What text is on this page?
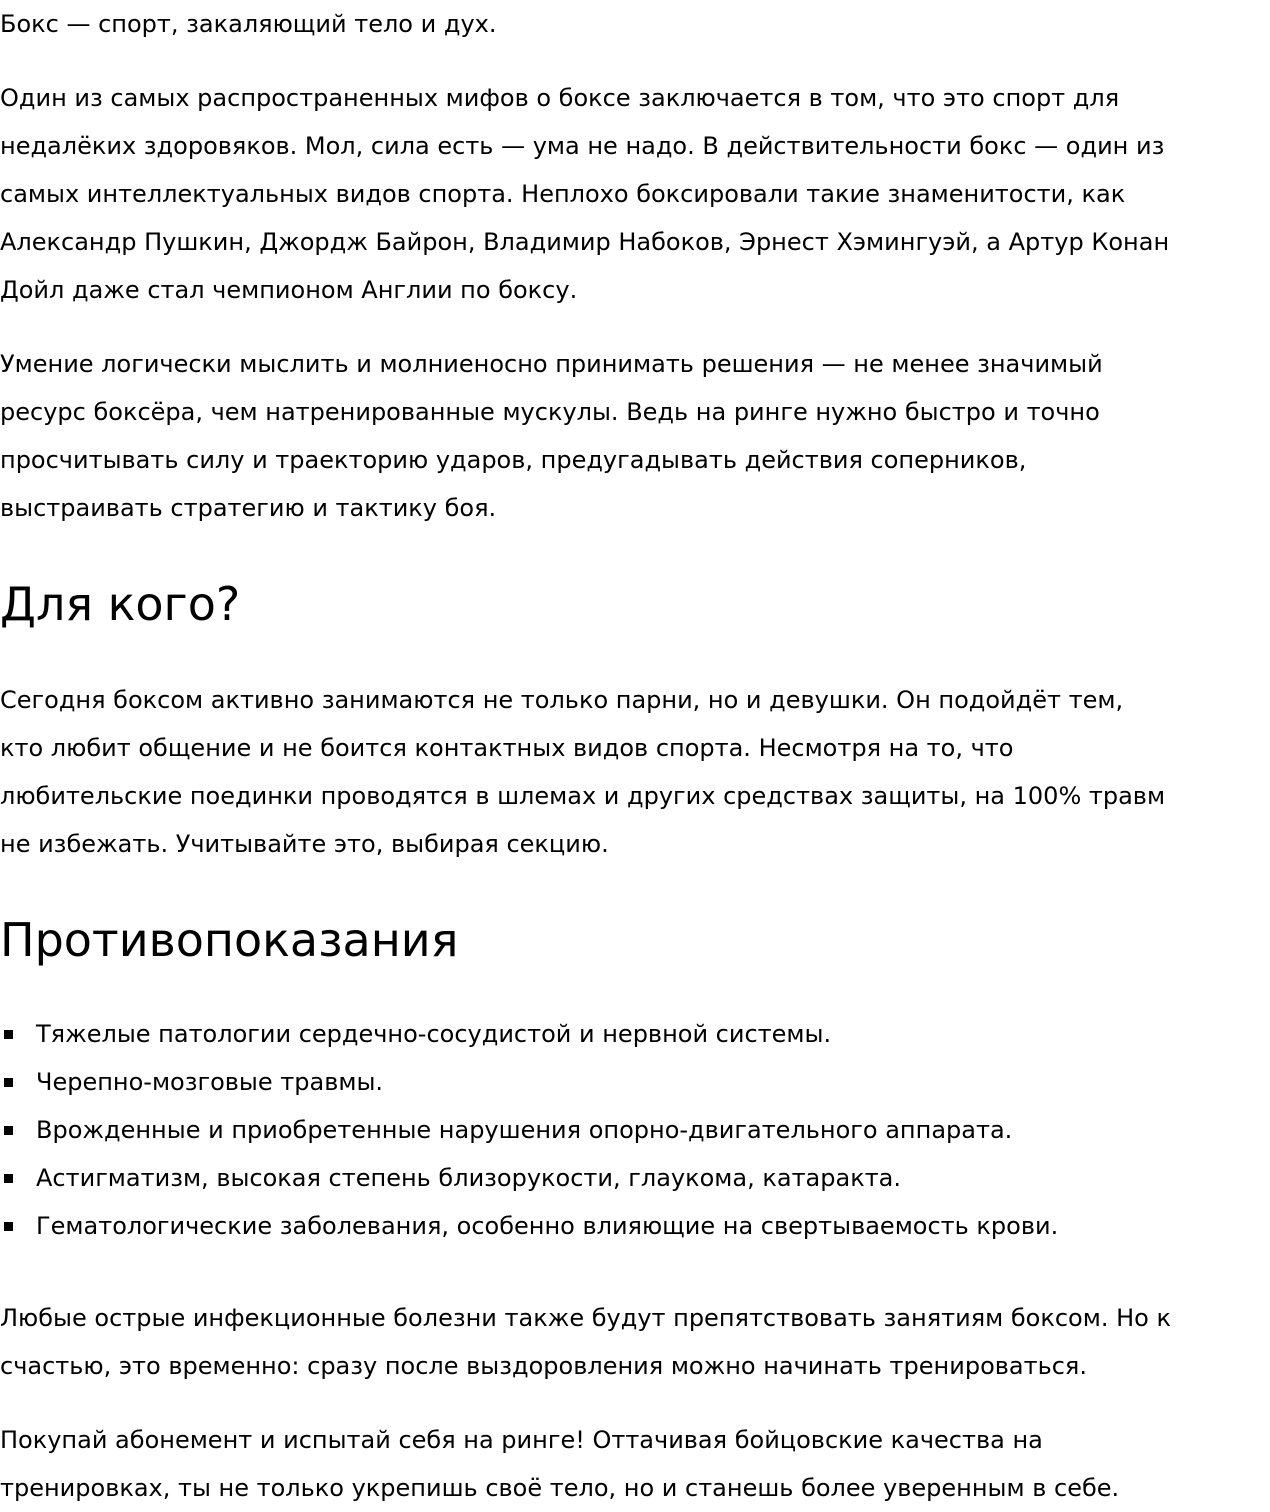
Бокс — спорт, закаляющий тело и дух.

Один из самых распространенных мифов о боксе заключается в том, что это спорт для
недалёких здоровяков. Мол, сила есть — ума не надо. В действительности бокс — один из
самых интеллектуальных видов спорта. Неплохо боксировали такие знаменитости, как
Александр Пушкин, Джордж Байрон, Владимир Набоков, Эрнест Хэмингуэй, а Артур Конан
Дойл даже стал чемпионом Англии по боксу.

Умение логически мыслить и молниеносно принимать решения — не менее значимый
ресурс боксёра, чем натренированные мускулы. Ведь на ринге нужно быстро и точно
просчитывать силу и траекторию ударов, предугадывать действия соперников,
выстраивать стратегию и тактику боя.

Для кого?

Сегодня боксом активно занимаются не только парни, но и девушки. Он подойдёт тем,
кто любит общение и не боится контактных видов спорта. Несмотря на то, что
любительские поединки проводятся в шлемах и других средствах защиты, на 100% травм
не избежать. Учитывайте это, выбирая секцию.

Противопоказания
Тяжелые патологии сердечно-сосудистой и нервной системы.
Черепно-мозговые травмы.
Врожденные и приобретенные нарушения опорно-двигательного аппарата.
Астигматизм, высокая степень близорукости, глаукома, катаракта.
Гематологические заболевания, особенно влияющие на свертываемость крови.

Любые острые инфекционные болезни также будут препятствовать занятиям боксом. Но к
счастью, это временно: сразу после выздоровления можно начинать тренироваться.

Покупай абонемент и испытай себя на ринге! Оттачивая бойцовские качества на
тренировках, ты не только укрепишь своё тело, но и станешь более уверенным в себе.
